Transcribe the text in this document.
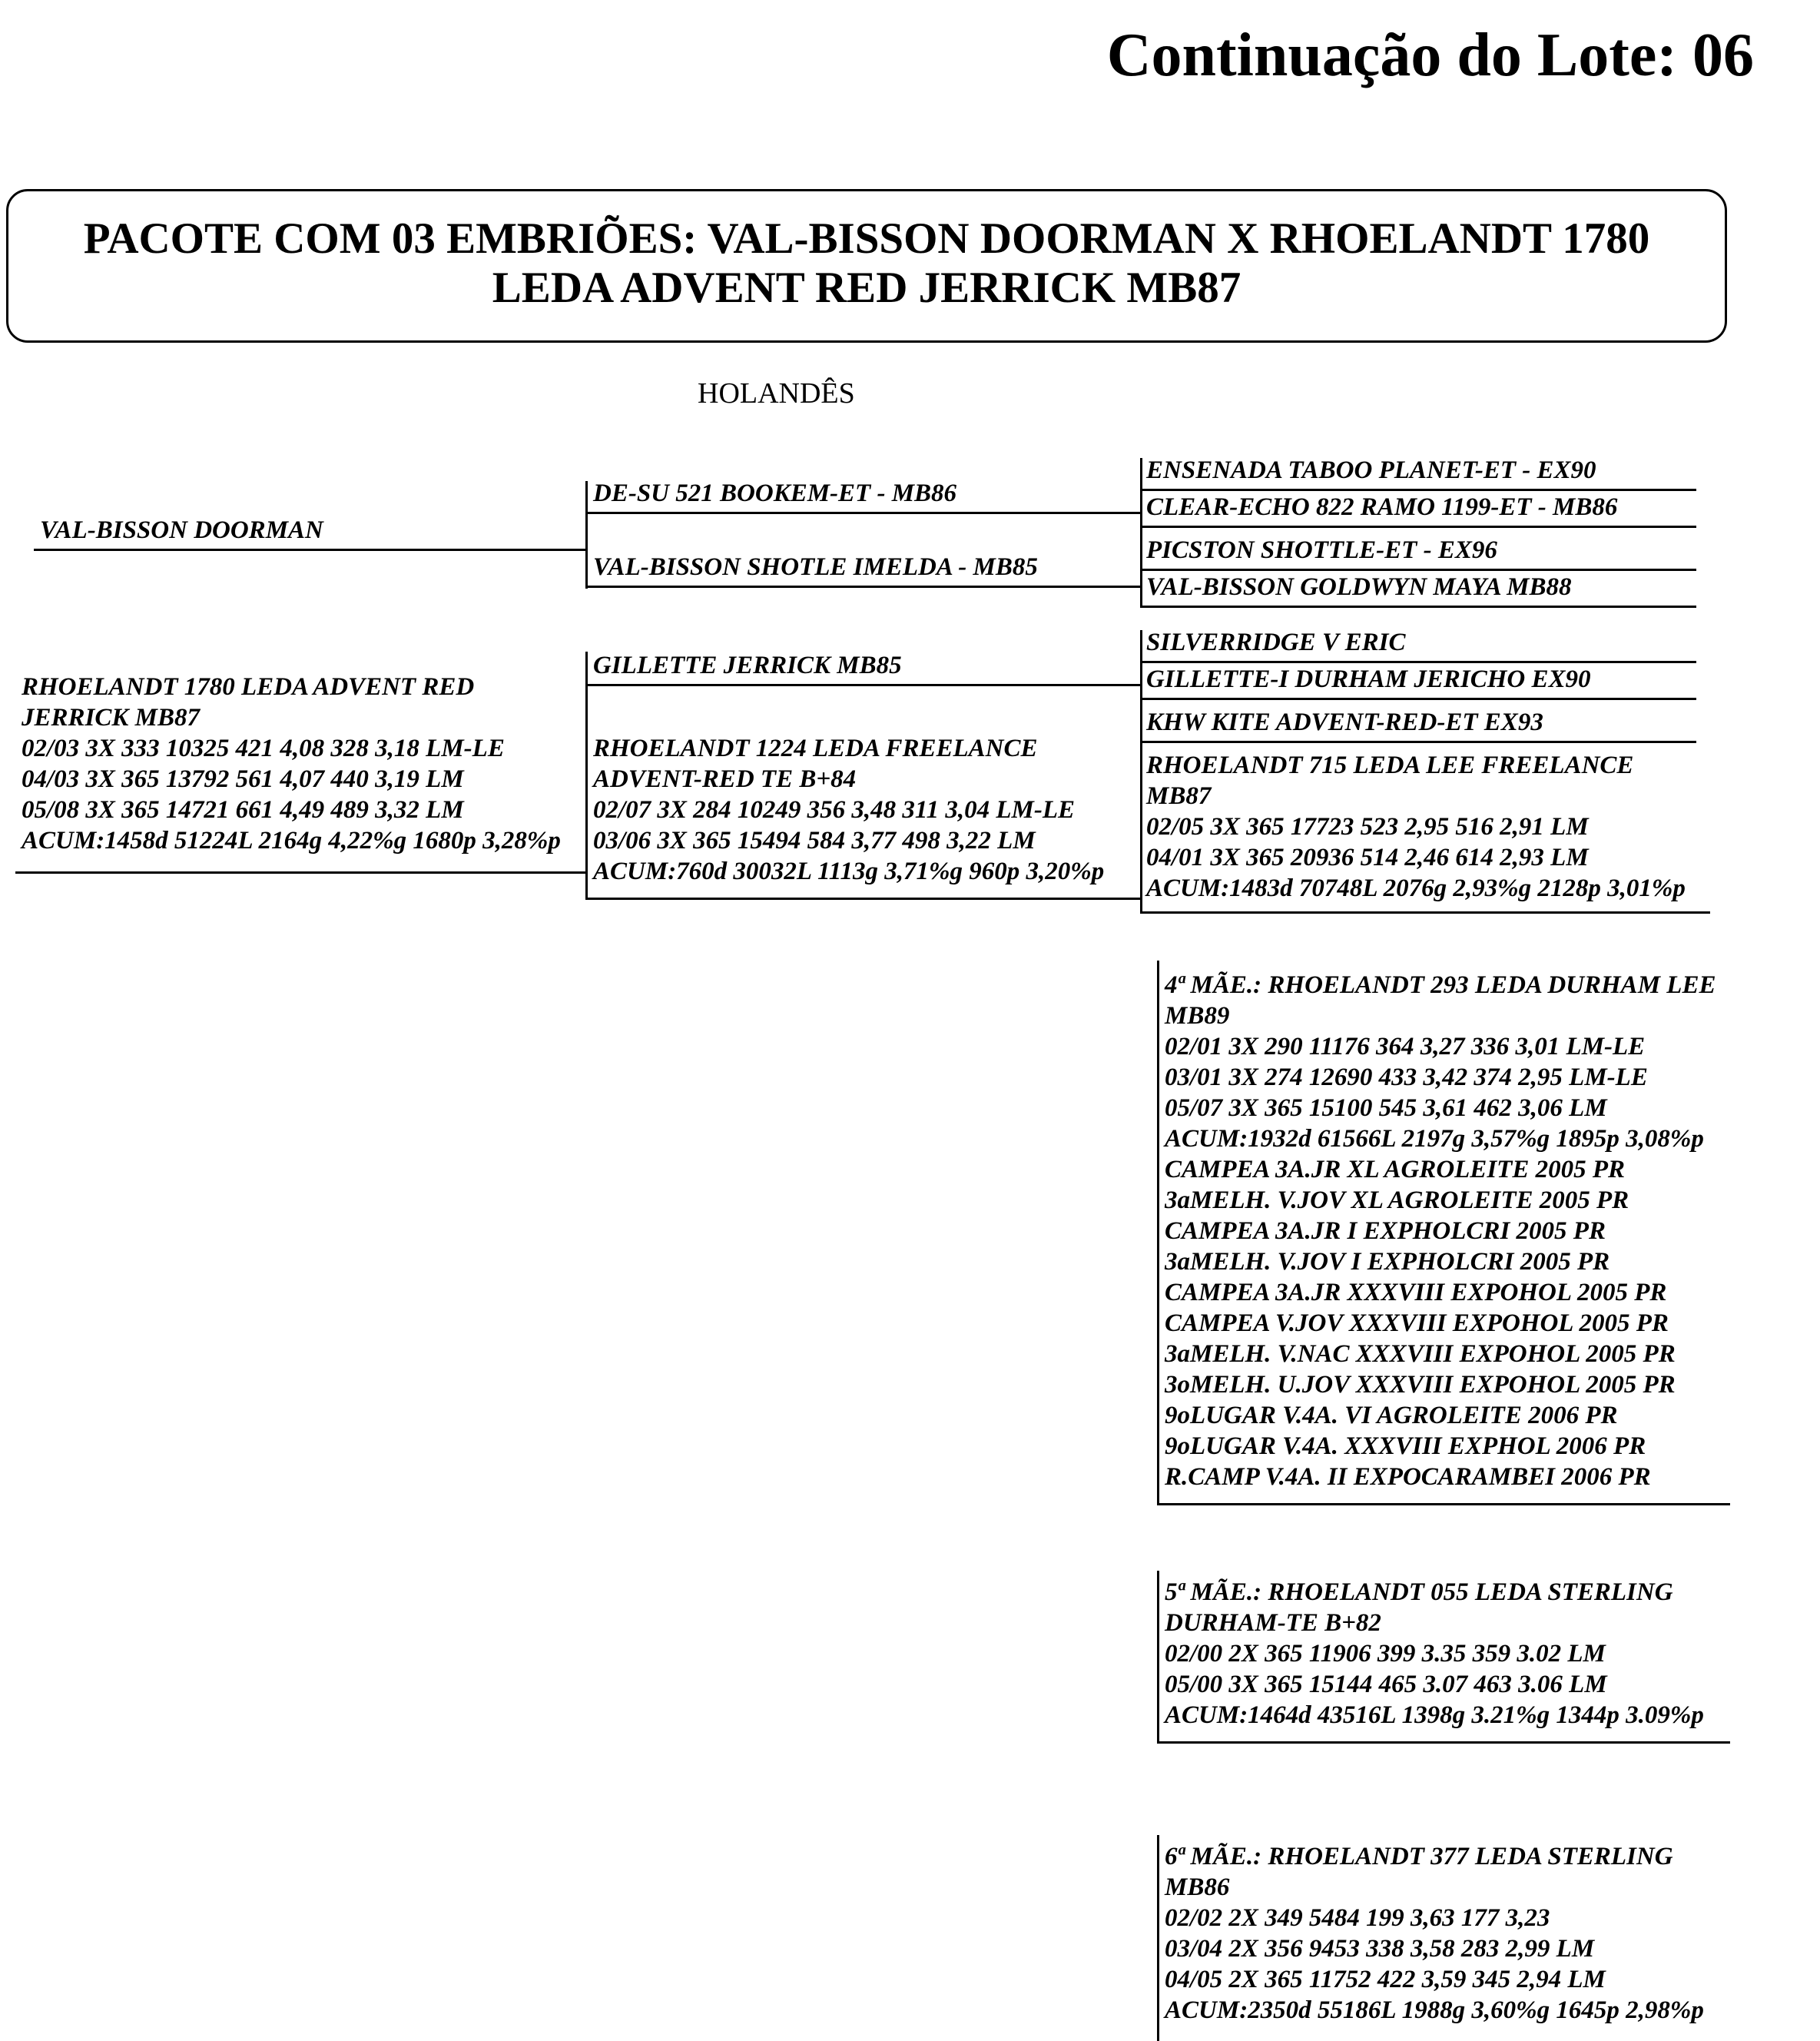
Continuação do Lote: 06
PACOTE COM 03 EMBRIÕES: VAL-BISSON DOORMAN X RHOELANDT 1780
LEDA ADVENT RED JERRICK MB87
HOLANDÊS
VAL-BISSON DOORMAN
RHOELANDT 1780 LEDA ADVENT RED
JERRICK MB87
02/03 3X 333 10325 421 4,08 328 3,18 LM-LE
04/03 3X 365 13792 561 4,07 440 3,19 LM
05/08 3X 365 14721 661 4,49 489 3,32 LM
ACUM:1458d 51224L 2164g 4,22%g 1680p 3,28%p
DE-SU 521 BOOKEM-ET - MB86
VAL-BISSON SHOTLE IMELDA - MB85
GILLETTE JERRICK MB85
RHOELANDT 1224 LEDA FREELANCE
ADVENT-RED TE B+84
02/07 3X 284 10249 356 3,48 311 3,04 LM-LE
03/06 3X 365 15494 584 3,77 498 3,22 LM
ACUM:760d 30032L 1113g 3,71%g 960p 3,20%p
ENSENADA TABOO PLANET-ET - EX90
CLEAR-ECHO 822 RAMO 1199-ET - MB86
PICSTON SHOTTLE-ET - EX96
VAL-BISSON GOLDWYN MAYA MB88
SILVERRIDGE V ERIC
GILLETTE-I DURHAM JERICHO EX90
KHW KITE ADVENT-RED-ET EX93
RHOELANDT 715 LEDA LEE FREELANCE
MB87
02/05 3X 365 17723 523 2,95 516 2,91 LM
04/01 3X 365 20936 514 2,46 614 2,93 LM
ACUM:1483d 70748L 2076g 2,93%g 2128p 3,01%p
4ª MÃE.: RHOELANDT 293 LEDA DURHAM LEE
MB89
02/01 3X 290 11176 364 3,27 336 3,01 LM-LE
03/01 3X 274 12690 433 3,42 374 2,95 LM-LE
05/07 3X 365 15100 545 3,61 462 3,06 LM
ACUM:1932d 61566L 2197g 3,57%g 1895p 3,08%p
CAMPEA 3A.JR XL AGROLEITE 2005 PR
3aMELH. V.JOV XL AGROLEITE 2005 PR
CAMPEA 3A.JR I EXPHOLCRI 2005 PR
3aMELH. V.JOV I EXPHOLCRI 2005 PR
CAMPEA 3A.JR XXXVIII EXPOHOL 2005 PR
CAMPEA V.JOV XXXVIII EXPOHOL 2005 PR
3aMELH. V.NAC XXXVIII EXPOHOL 2005 PR
3oMELH. U.JOV XXXVIII EXPOHOL 2005 PR
9oLUGAR V.4A. VI AGROLEITE 2006 PR
9oLUGAR V.4A. XXXVIII EXPHOL 2006 PR
R.CAMP V.4A. II EXPOCARAMBEI 2006 PR
5ª MÃE.: RHOELANDT 055 LEDA STERLING
DURHAM-TE B+82
02/00 2X 365 11906 399 3.35 359 3.02 LM
05/00 3X 365 15144 465 3.07 463 3.06 LM
ACUM:1464d 43516L 1398g 3.21%g 1344p 3.09%p
6ª MÃE.: RHOELANDT 377 LEDA STERLING
MB86
02/02 2X 349 5484 199 3,63 177 3,23
03/04 2X 356 9453 338 3,58 283 2,99 LM
04/05 2X 365 11752 422 3,59 345 2,94 LM
ACUM:2350d 55186L 1988g 3,60%g 1645p 2,98%p
